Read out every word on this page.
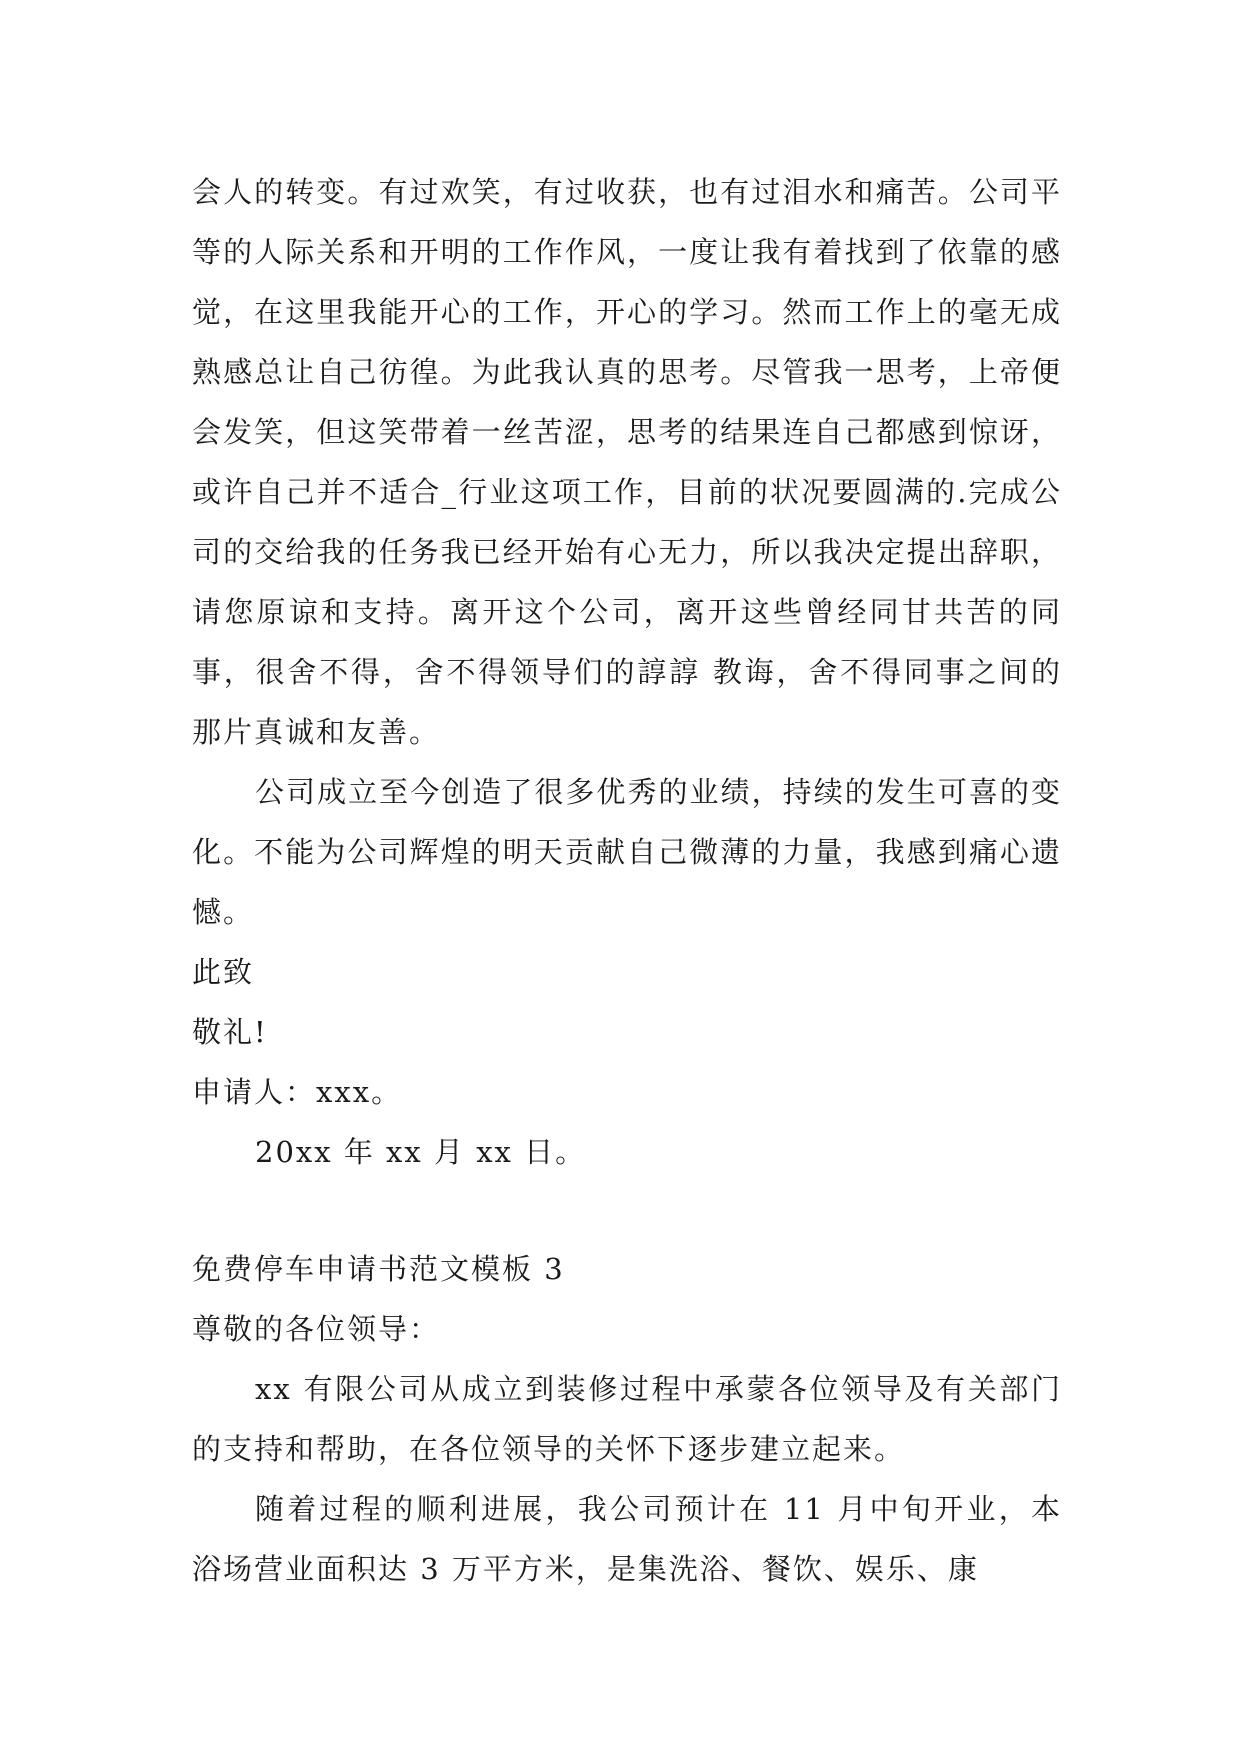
会人的转变。有过欢笑，有过收获，也有过泪水和痛苦。公司平等的人际关系和开明的工作作风，一度让我有着找到了依靠的感觉，在这里我能开心的工作，开心的学习。然而工作上的毫无成熟感总让自己彷徨。为此我认真的思考。尽管我一思考，上帝便会发笑，但这笑带着一丝苦涩，思考的结果连自己都感到惊讶，或许自己并不适合_行业这项工作，目前的状况要圆满的.完成公司的交给我的任务我已经开始有心无力，所以我决定提出辞职，请您原谅和支持。离开这个公司，离开这些曾经同甘共苦的同事，很舍不得，舍不得领导们的諄諄 教诲，舍不得同事之间的那片真诚和友善。

公司成立至今创造了很多优秀的业绩，持续的发生可喜的变化。不能为公司辉煌的明天贡献自己微薄的力量，我感到痛心遗憾。

此致

敬礼!

申请人：xxx。

20xx 年 xx 月 xx 日。

免费停车申请书范文模板 3

尊敬的各位领导：

xx 有限公司从成立到装修过程中承蒙各位领导及有关部门的支持和帮助，在各位领导的关怀下逐步建立起来。

随着过程的顺利进展，我公司预计在 11 月中旬开业，本浴场营业面积达 3 万平方米，是集洗浴、餐饮、娱乐、康
